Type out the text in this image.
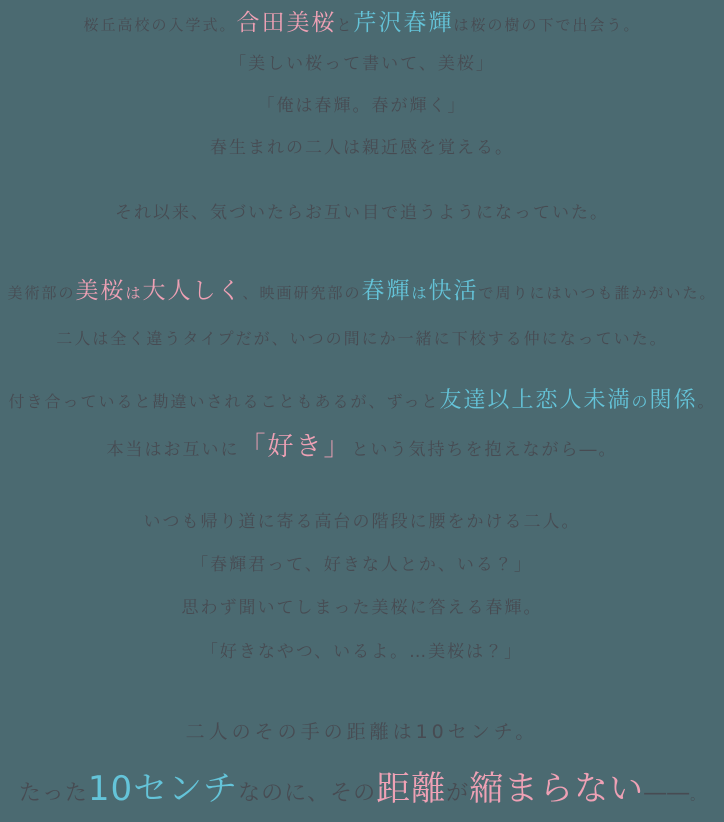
桜丘高校の入学式。合田美桜と芹沢春輝は桜の樹の下で出会う。
「美しい桜って書いて、美桜」
「俺は春輝。春が輝く」
春生まれの二人は親近感を覚える。
それ以来、気づいたらお互い目で追うようになっていた。
美術部の美桜は大人しく、映画研究部の春輝は快活で周りにはいつも誰かがいた。
二人は全く違うタイプだが、いつの間にか一緒に下校する仲になっていた。
付き合っていると勘違いされることもあるが、ずっと友達以上恋人未満の関係。
本当はお互いに「好き」という気持ちを抱えながら―。
いつも帰り道に寄る高台の階段に腰をかける二人。
「春輝君って、好きな人とか、いる？」
思わず聞いてしまった美桜に答える春輝。
「好きなやつ、いるよ。…美桜は？」
二人のその手の距離は10センチ。
たった10センチなのに、その距離が縮まらない――。
